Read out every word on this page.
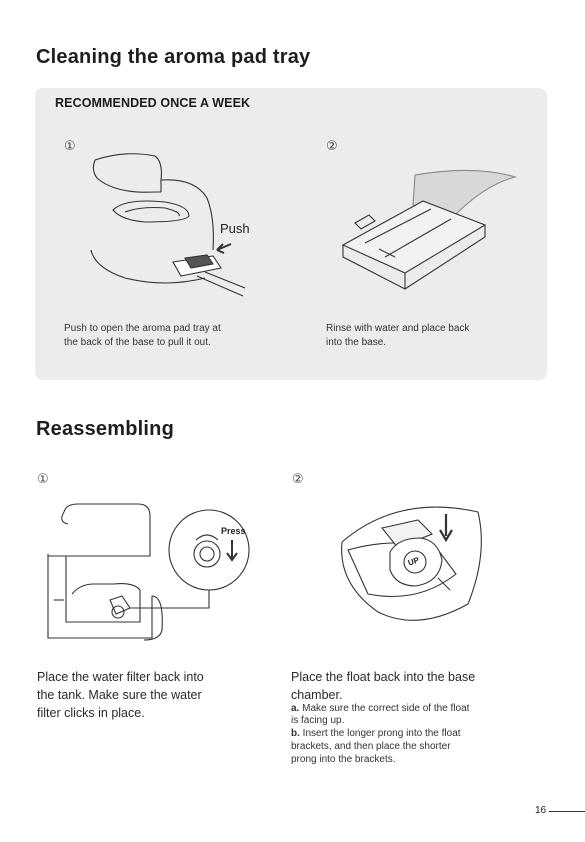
Cleaning the aroma pad tray
RECOMMENDED ONCE A WEEK
①	②
Push
Push to open the aroma pad tray at
the back of the base to pull it out.
Rinse with water and place back
into the base.
Reassembling
①	②
Press
UP
Place the water filter back into
the tank. Make sure the water
filter clicks in place.
Place the float back into the base
chamber.
a. Make sure the correct side of the float
is facing up.
b. Insert the longer prong into the float
brackets, and then place the shorter
prong into the brackets.
16
